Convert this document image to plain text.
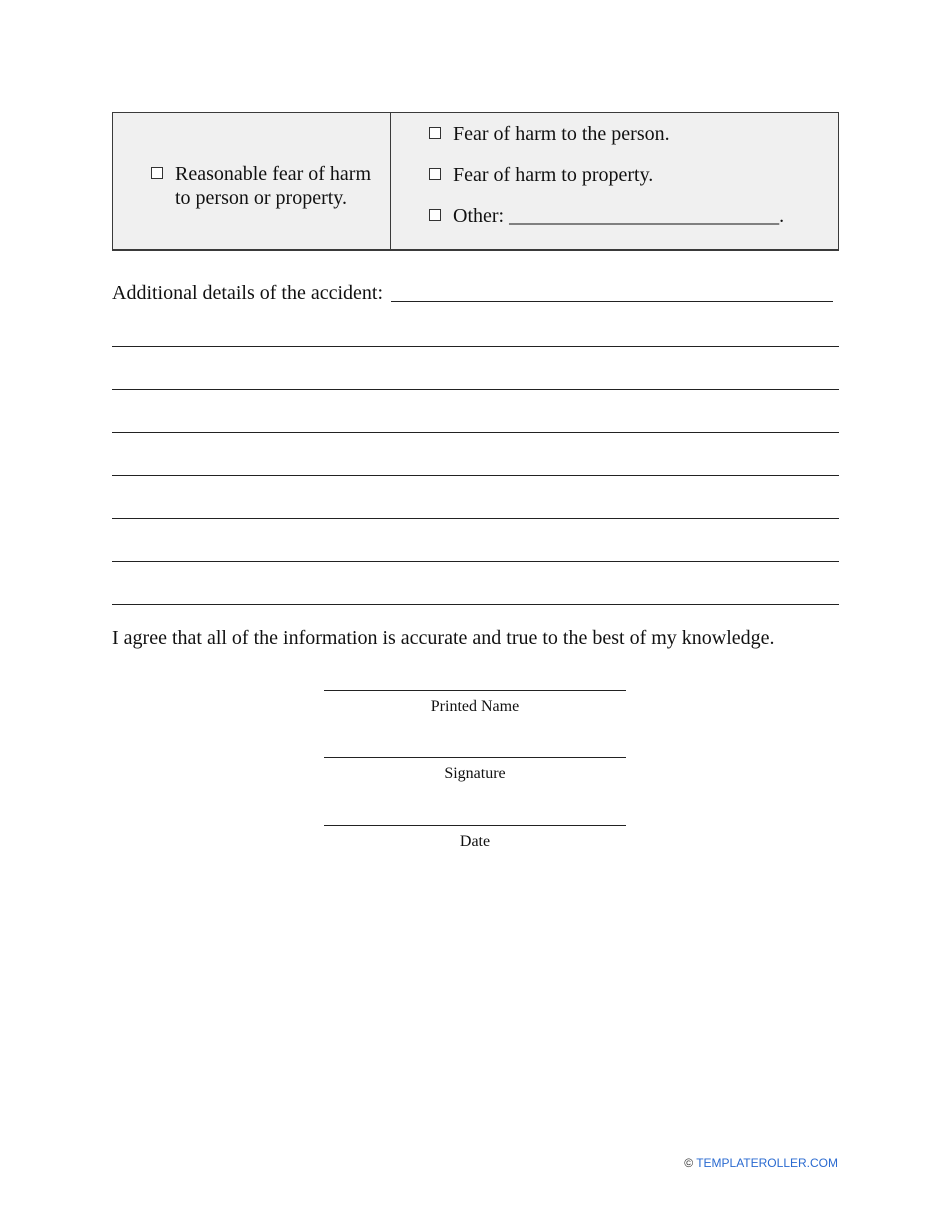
Reasonable fear of harm
to person or property.
Fear of harm to the person.
Fear of harm to property.
Other: ___________________________.
Additional details of the accident:
I agree that all of the information is accurate and true to the best of my knowledge.
Printed Name
Signature
Date
© TEMPLATEROLLER.COM
